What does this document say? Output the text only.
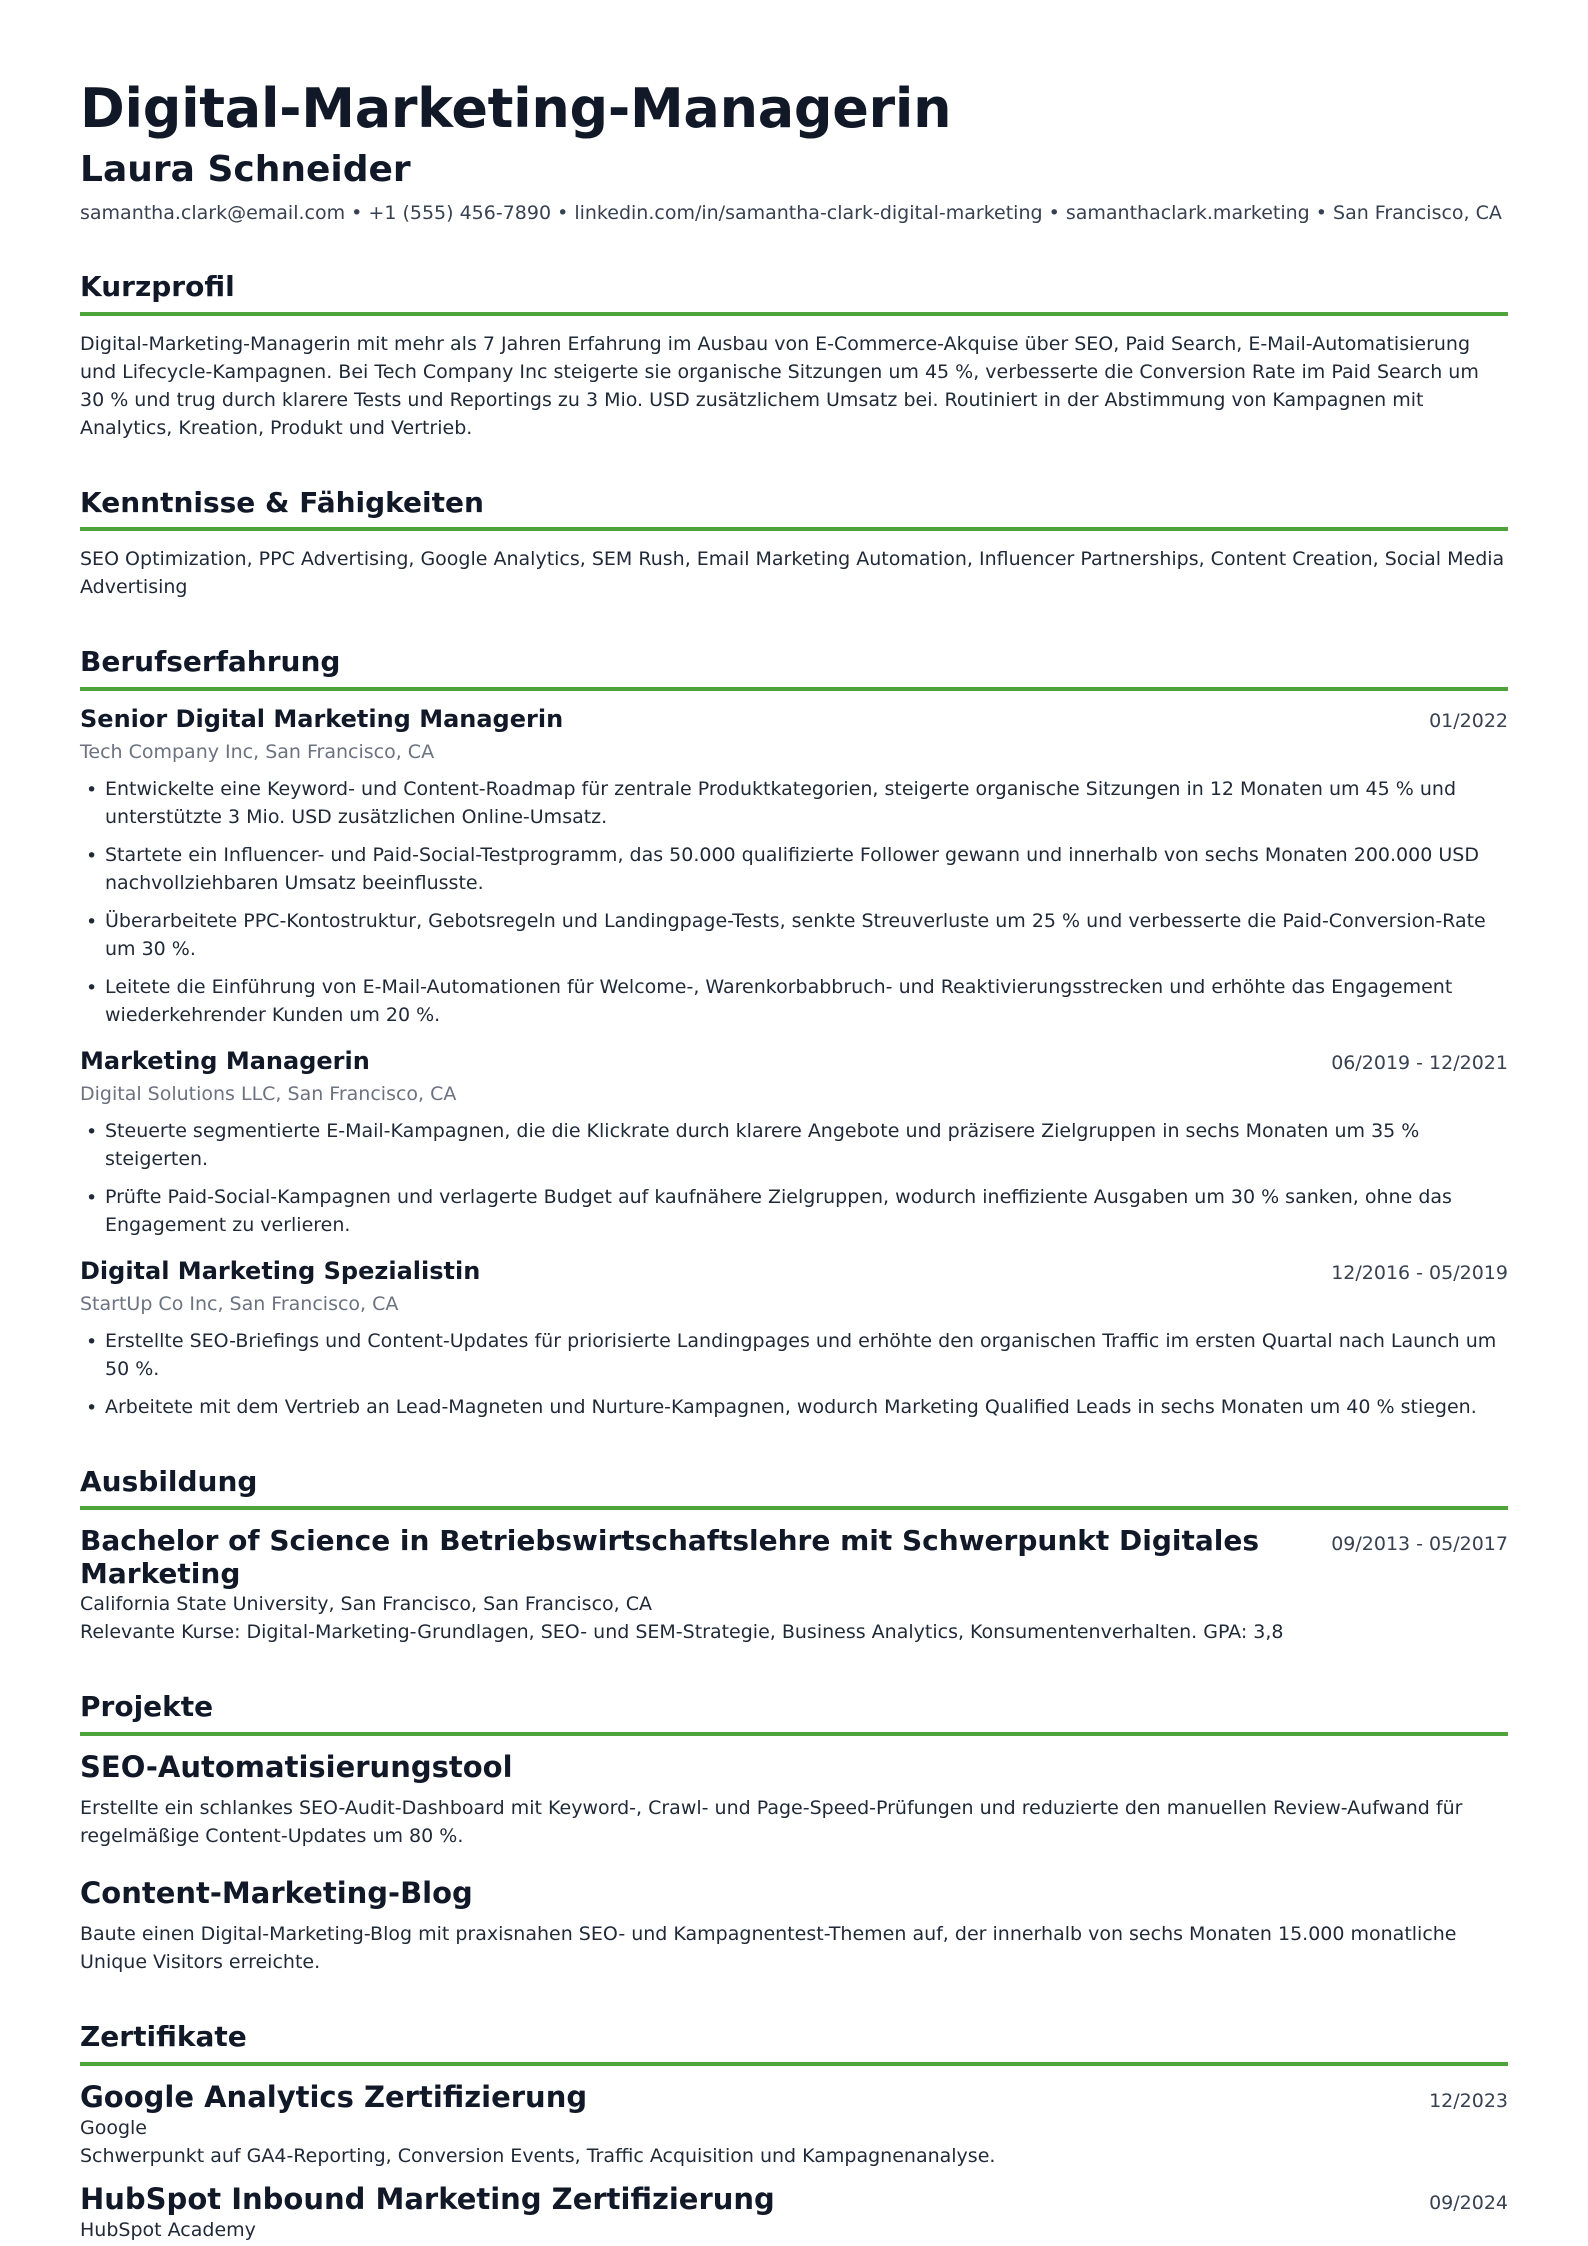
Digital-Marketing-Managerin
Laura Schneider
samantha.clark@email.com • +1 (555) 456-7890 • linkedin.com/in/samantha-clark-digital-marketing • samanthaclark.marketing • San Francisco, CA
Kurzprofil
Digital-Marketing-Managerin mit mehr als 7 Jahren Erfahrung im Ausbau von E-Commerce-Akquise über SEO, Paid Search, E-Mail-Automatisierung und Lifecycle-Kampagnen. Bei Tech Company Inc steigerte sie organische Sitzungen um 45 %, verbesserte die Conversion Rate im Paid Search um 30 % und trug durch klarere Tests und Reportings zu 3 Mio. USD zusätzlichem Umsatz bei. Routiniert in der Abstimmung von Kampagnen mit Analytics, Kreation, Produkt und Vertrieb.
Kenntnisse & Fähigkeiten
SEO Optimization, PPC Advertising, Google Analytics, SEM Rush, Email Marketing Automation, Influencer Partnerships, Content Creation, Social Media Advertising
Berufserfahrung
Senior Digital Marketing Managerin	01/2022
Tech Company Inc, San Francisco, CA
• Entwickelte eine Keyword- und Content-Roadmap für zentrale Produktkategorien, steigerte organische Sitzungen in 12 Monaten um 45 % und unterstützte 3 Mio. USD zusätzlichen Online-Umsatz.
• Startete ein Influencer- und Paid-Social-Testprogramm, das 50.000 qualifizierte Follower gewann und innerhalb von sechs Monaten 200.000 USD nachvollziehbaren Umsatz beeinflusste.
• Überarbeitete PPC-Kontostruktur, Gebotsregeln und Landingpage-Tests, senkte Streuverluste um 25 % und verbesserte die Paid-Conversion-Rate um 30 %.
• Leitete die Einführung von E-Mail-Automationen für Welcome-, Warenkorbabbruch- und Reaktivierungsstrecken und erhöhte das Engagement wiederkehrender Kunden um 20 %.
Marketing Managerin	06/2019 - 12/2021
Digital Solutions LLC, San Francisco, CA
• Steuerte segmentierte E-Mail-Kampagnen, die die Klickrate durch klarere Angebote und präzisere Zielgruppen in sechs Monaten um 35 % steigerten.
• Prüfte Paid-Social-Kampagnen und verlagerte Budget auf kaufnähere Zielgruppen, wodurch ineffiziente Ausgaben um 30 % sanken, ohne das Engagement zu verlieren.
Digital Marketing Spezialistin	12/2016 - 05/2019
StartUp Co Inc, San Francisco, CA
• Erstellte SEO-Briefings und Content-Updates für priorisierte Landingpages und erhöhte den organischen Traffic im ersten Quartal nach Launch um 50 %.
• Arbeitete mit dem Vertrieb an Lead-Magneten und Nurture-Kampagnen, wodurch Marketing Qualified Leads in sechs Monaten um 40 % stiegen.
Ausbildung
Bachelor of Science in Betriebswirtschaftslehre mit Schwerpunkt Digitales Marketing
09/2013 - 05/2017
California State University, San Francisco, San Francisco, CA
Relevante Kurse: Digital-Marketing-Grundlagen, SEO- und SEM-Strategie, Business Analytics, Konsumentenverhalten. GPA: 3,8
Projekte
SEO-Automatisierungstool
Erstellte ein schlankes SEO-Audit-Dashboard mit Keyword-, Crawl- und Page-Speed-Prüfungen und reduzierte den manuellen Review-Aufwand für regelmäßige Content-Updates um 80 %.
Content-Marketing-Blog
Baute einen Digital-Marketing-Blog mit praxisnahen SEO- und Kampagnentest-Themen auf, der innerhalb von sechs Monaten 15.000 monatliche Unique Visitors erreichte.
Zertifikate
Google Analytics Zertifizierung	12/2023
Google
Schwerpunkt auf GA4-Reporting, Conversion Events, Traffic Acquisition und Kampagnenanalyse.
HubSpot Inbound Marketing Zertifizierung	09/2024
HubSpot Academy
